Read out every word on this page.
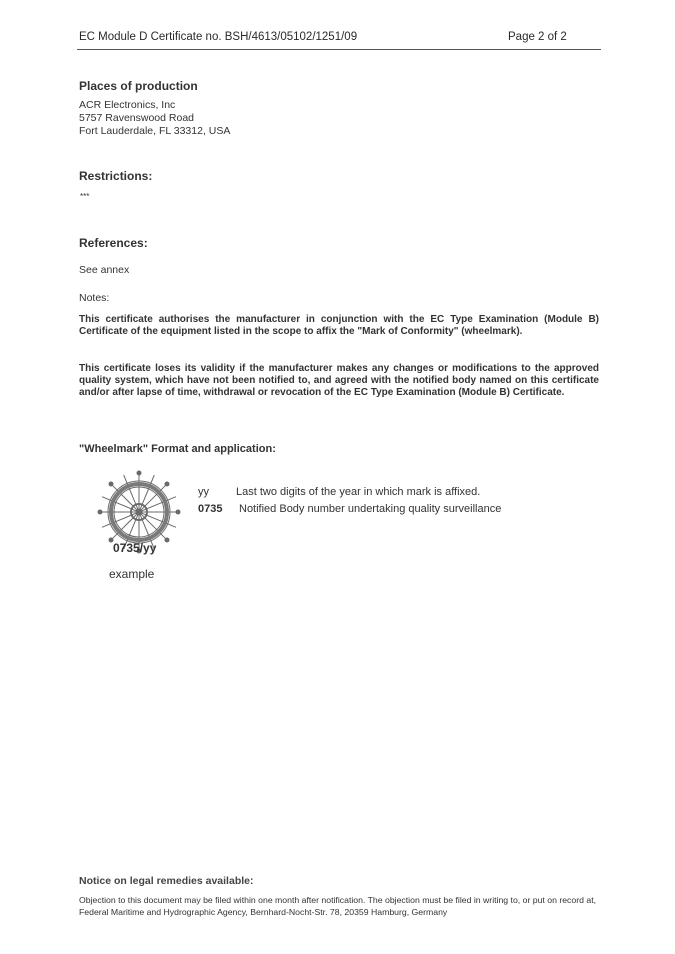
EC Module D Certificate no. BSH/4613/05102/1251/09	Page 2 of 2
Places of production
ACR Electronics, Inc
5757 Ravenswood Road
Fort Lauderdale, FL 33312, USA
Restrictions:
***
References:
See annex
Notes:
This certificate authorises the manufacturer in conjunction with the EC Type Examination (Module B) Certificate of the equipment listed in the scope to affix the "Mark of Conformity" (wheelmark).
This certificate loses its validity if the manufacturer makes any changes or modifications to the approved quality system, which have not been notified to, and agreed with the notified body named on this certificate and/or after lapse of time, withdrawal or revocation of the EC Type Examination (Module B) Certificate.
"Wheelmark" Format and application:
0735/yy
example
yy Last two digits of the year in which mark is affixed.
0735 Notified Body number undertaking quality surveillance
Notice on legal remedies available:
Objection to this document may be filed within one month after notification. The objection must be filed in writing to, or put on record at, Federal Maritime and Hydrographic Agency, Bernhard-Nocht-Str. 78, 20359 Hamburg, Germany
